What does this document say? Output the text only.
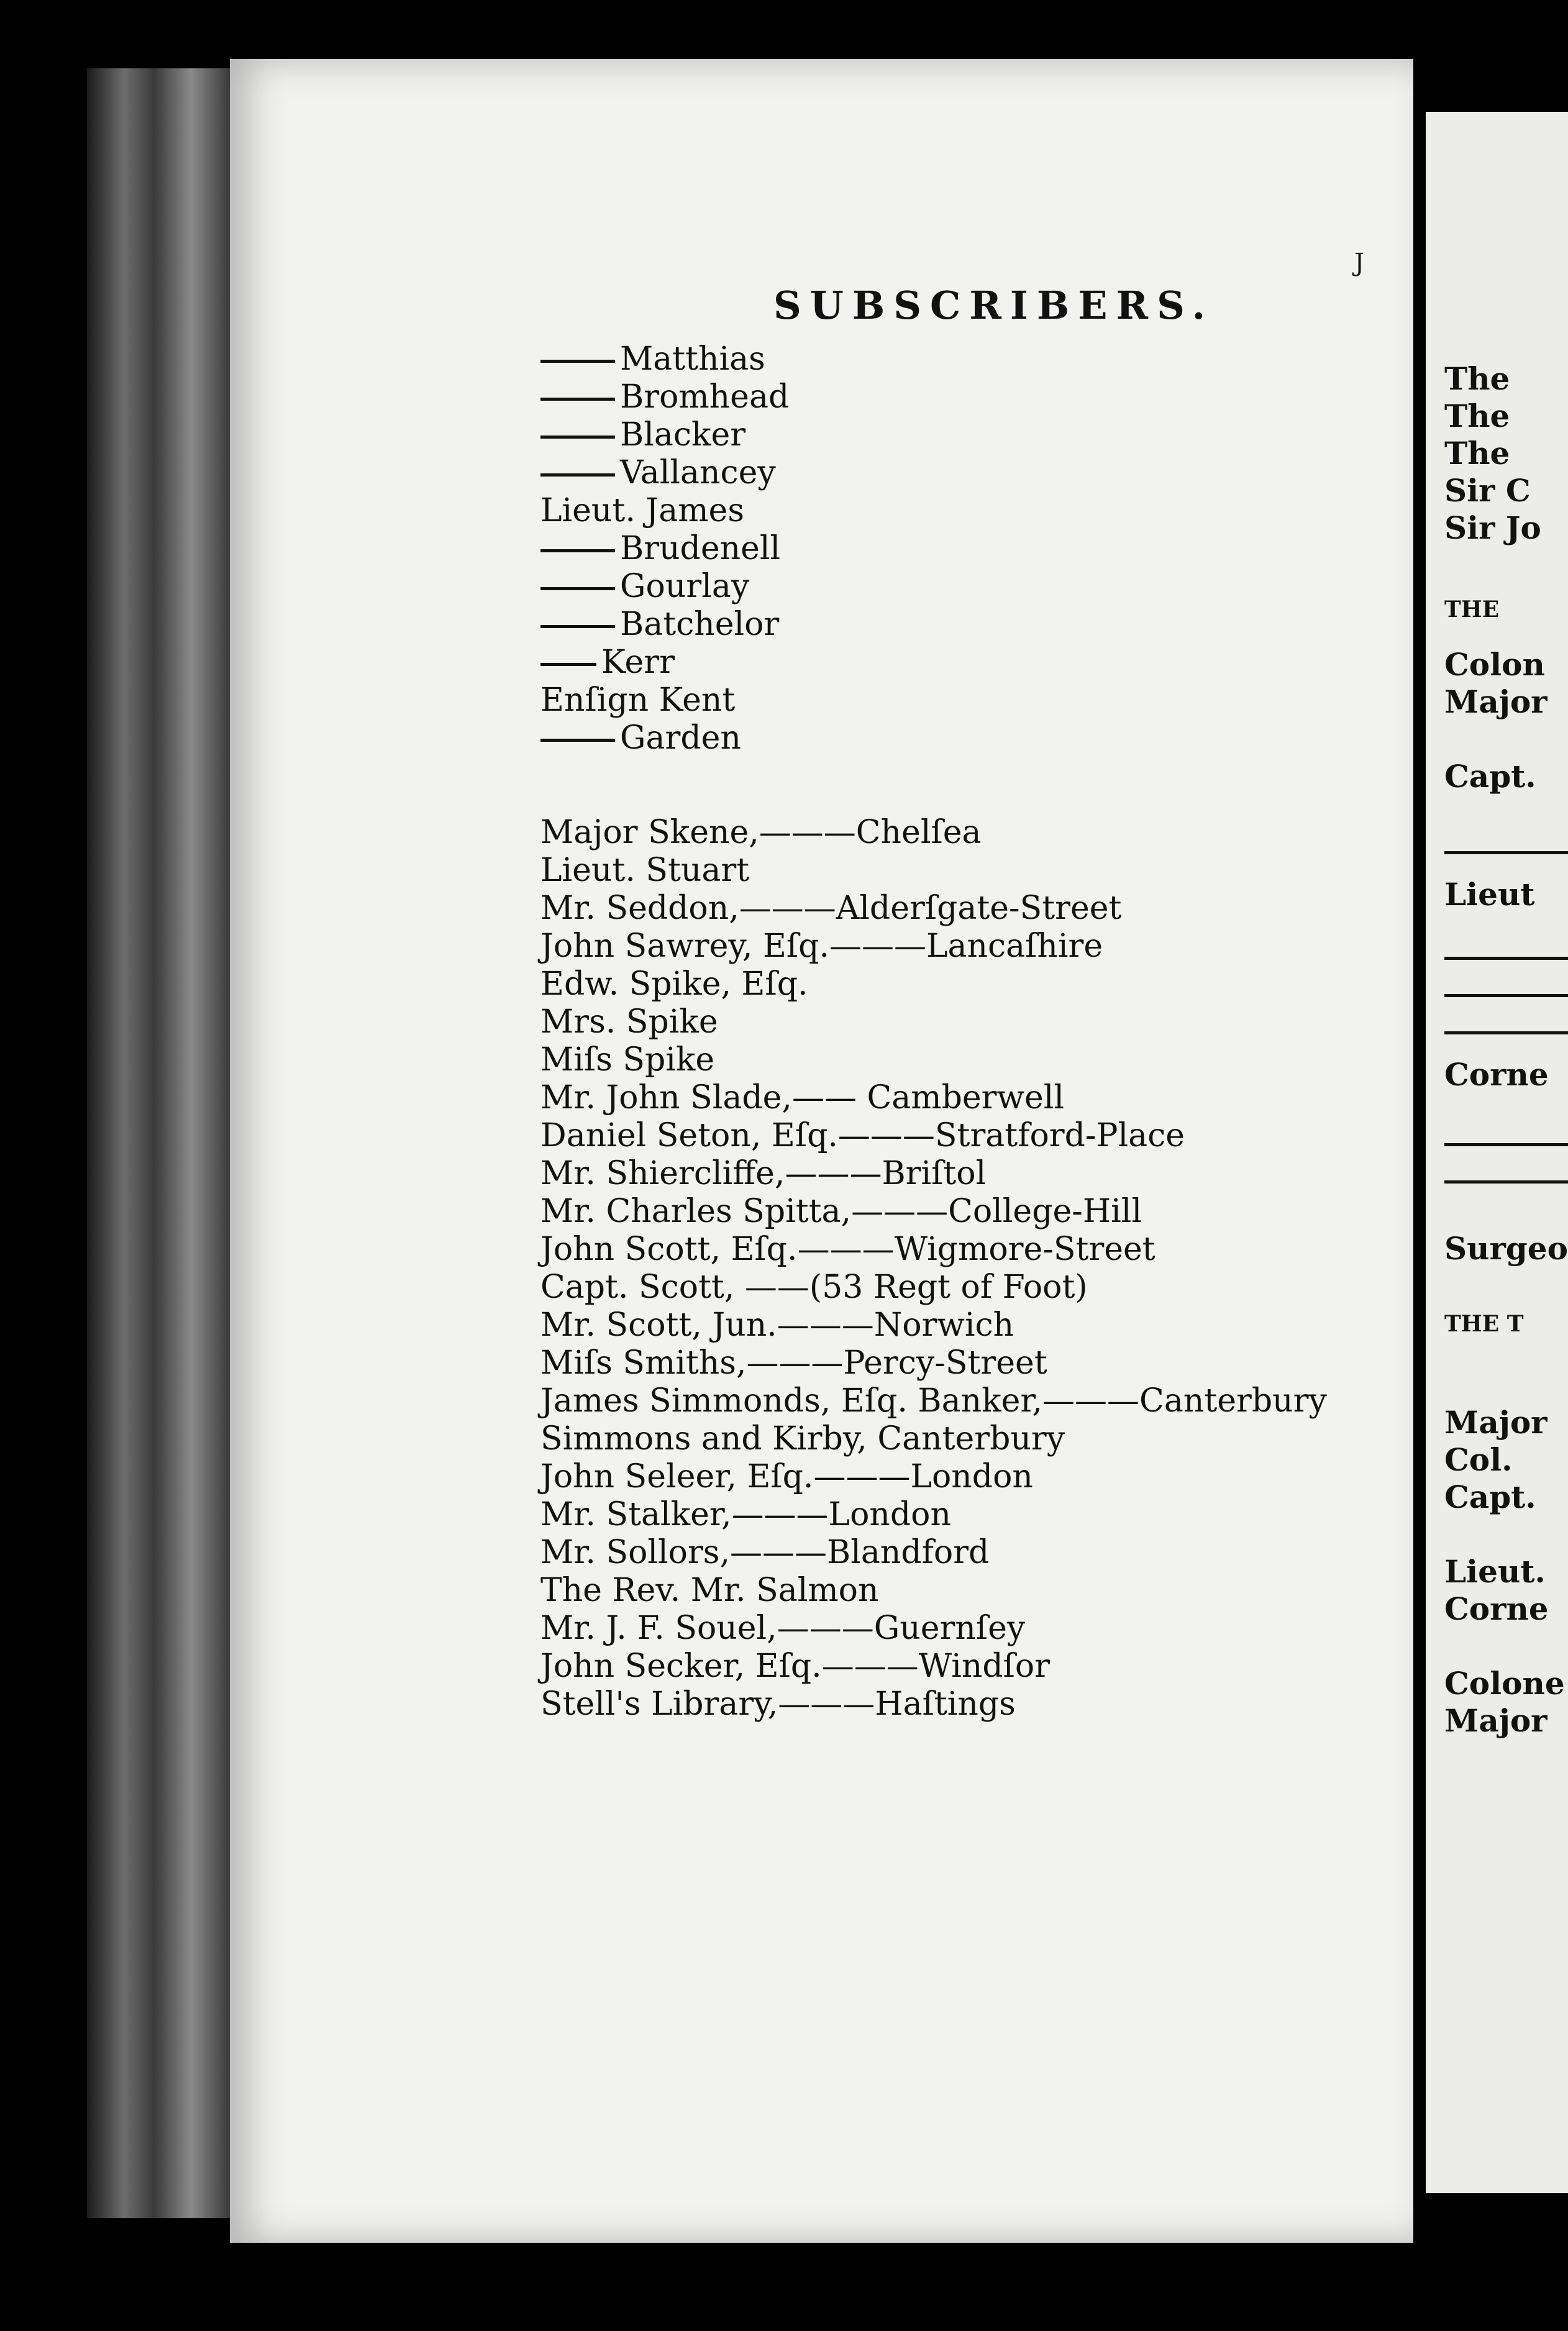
The
The
The
Sir C
Sir Jo
THE
Colon
Major
Capt.
Lieut
Corne
Surgeo
THE T
Major
Col.
Capt.
Lieut.
Corne
Colone
Major
J
SUBSCRIBERS.
Matthias
Bromhead
Blacker
Vallancey
Lieut. James
Brudenell
Gourlay
Batchelor
Kerr
Enſign Kent
Garden
Major Skene,———Chelſea
Lieut. Stuart
Mr. Seddon,———Alderſgate-Street
John Sawrey, Eſq.———Lancaſhire
Edw. Spike, Eſq.
Mrs. Spike
Miſs Spike
Mr. John Slade,—— Camberwell
Daniel Seton, Eſq.———Stratford-Place
Mr. Shiercliffe,———Briſtol
Mr. Charles Spitta,———College-Hill
John Scott, Eſq.———Wigmore-Street
Capt. Scott, ——(53 Regt of Foot)
Mr. Scott, Jun.———Norwich
Miſs Smiths,———Percy-Street
James Simmonds, Eſq. Banker,———Canterbury
Simmons and Kirby, Canterbury
John Seleer, Eſq.———London
Mr. Stalker,———London
Mr. Sollors,———Blandford
The Rev. Mr. Salmon
Mr. J. F. Souel,———Guernſey
John Secker, Eſq.———Windſor
Stell's Library,———Haſtings
